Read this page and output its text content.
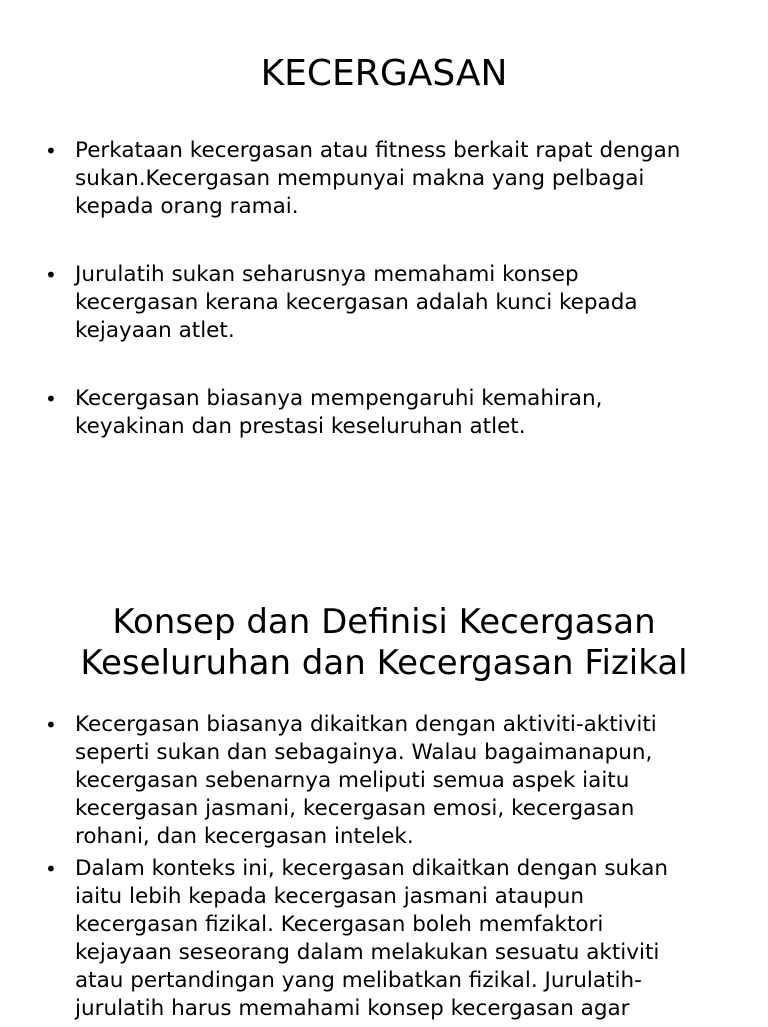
KECERGASAN
• Perkataan kecergasan atau fitness berkait rapat dengan
sukan.Kecergasan mempunyai makna yang pelbagai
kepada orang ramai.
• Jurulatih sukan seharusnya memahami konsep
kecergasan kerana kecergasan adalah kunci kepada
kejayaan atlet.
• Kecergasan biasanya mempengaruhi kemahiran,
keyakinan dan prestasi keseluruhan atlet.
Konsep dan Definisi Kecergasan
Keseluruhan dan Kecergasan Fizikal
• Kecergasan biasanya dikaitkan dengan aktiviti-aktiviti
seperti sukan dan sebagainya. Walau bagaimanapun,
kecergasan sebenarnya meliputi semua aspek iaitu
kecergasan jasmani, kecergasan emosi, kecergasan
rohani, dan kecergasan intelek.
• Dalam konteks ini, kecergasan dikaitkan dengan sukan
iaitu lebih kepada kecergasan jasmani ataupun
kecergasan fizikal. Kecergasan boleh memfaktori
kejayaan seseorang dalam melakukan sesuatu aktiviti
atau pertandingan yang melibatkan fizikal. Jurulatih-
jurulatih harus memahami konsep kecergasan agar
